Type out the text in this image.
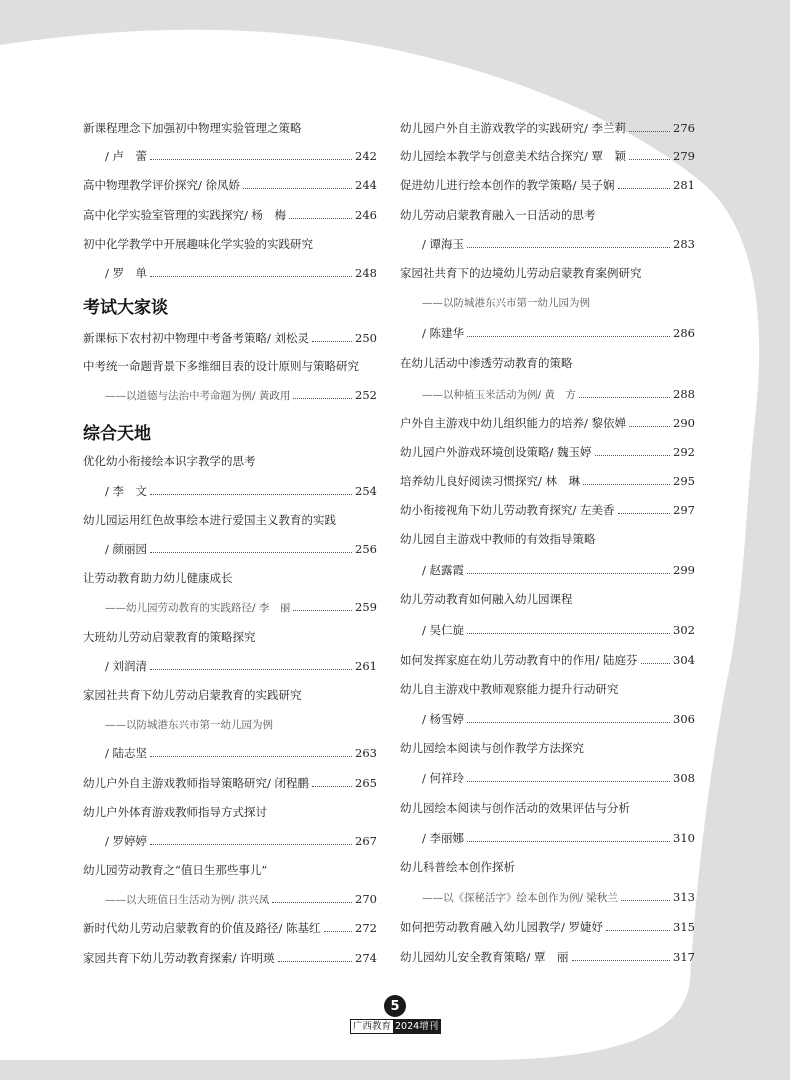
新课程理念下加强初中物理实验管理之策略
/ 卢　蕾	242
高中物理教学评价探究 / 徐凤娇	244
高中化学实验室管理的实践探究 / 杨　梅	246
初中化学教学中开展趣味化学实验的实践研究
/ 罗　单	248
考试大家谈
新课标下农村初中物理中考备考策略 / 刘松灵	250
中考统一命题背景下多维细目表的设计原则与策略研究
——以道德与法治中考命题为例 / 黄政用	252
综合天地
优化幼小衔接绘本识字教学的思考
/ 李　文	254
幼儿园运用红色故事绘本进行爱国主义教育的实践
/ 颜丽园	256
让劳动教育助力幼儿健康成长
——幼儿园劳动教育的实践路径 / 李　丽	259
大班幼儿劳动启蒙教育的策略探究
/ 刘润清	261
家园社共育下幼儿劳动启蒙教育的实践研究
——以防城港东兴市第一幼儿园为例
/ 陆志坚	263
幼儿户外自主游戏教师指导策略研究 / 闭程鹏	265
幼儿户外体育游戏教师指导方式探讨
/ 罗婷婷	267
幼儿园劳动教育之“值日生那些事儿”
——以大班值日生活动为例 / 洪兴凤	270
新时代幼儿劳动启蒙教育的价值及路径 / 陈基红	272
家园共育下幼儿劳动教育探索 / 许明瑛	274
幼儿园户外自主游戏教学的实践研究 / 李兰莉	276
幼儿园绘本教学与创意美术结合探究 / 覃　颖	279
促进幼儿进行绘本创作的教学策略 / 吴子娴	281
幼儿劳动启蒙教育融入一日活动的思考
/ 谭海玉	283
家园社共育下的边境幼儿劳动启蒙教育案例研究
——以防城港东兴市第一幼儿园为例
/ 陈建华	286
在幼儿活动中渗透劳动教育的策略
——以种植玉米活动为例 / 黄　方	288
户外自主游戏中幼儿组织能力的培养 / 黎依婵	290
幼儿园户外游戏环境创设策略 / 魏玉婷	292
培养幼儿良好阅读习惯探究 / 林　琳	295
幼小衔接视角下幼儿劳动教育探究 / 左美香	297
幼儿园自主游戏中教师的有效指导策略
/ 赵露霞	299
幼儿劳动教育如何融入幼儿园课程
/ 吴仁旋	302
如何发挥家庭在幼儿劳动教育中的作用 / 陆庭芬	304
幼儿自主游戏中教师观察能力提升行动研究
/ 杨雪婷	306
幼儿园绘本阅读与创作教学方法探究
/ 何祥玲	308
幼儿园绘本阅读与创作活动的效果评估与分析
/ 李丽娜	310
幼儿科普绘本创作探析
——以《探秘活字》绘本创作为例 / 梁秋兰	313
如何把劳动教育融入幼儿园教学 / 罗婕妤	315
幼儿园幼儿安全教育策略 / 覃　丽	317
5
广西教育 2024增刊
